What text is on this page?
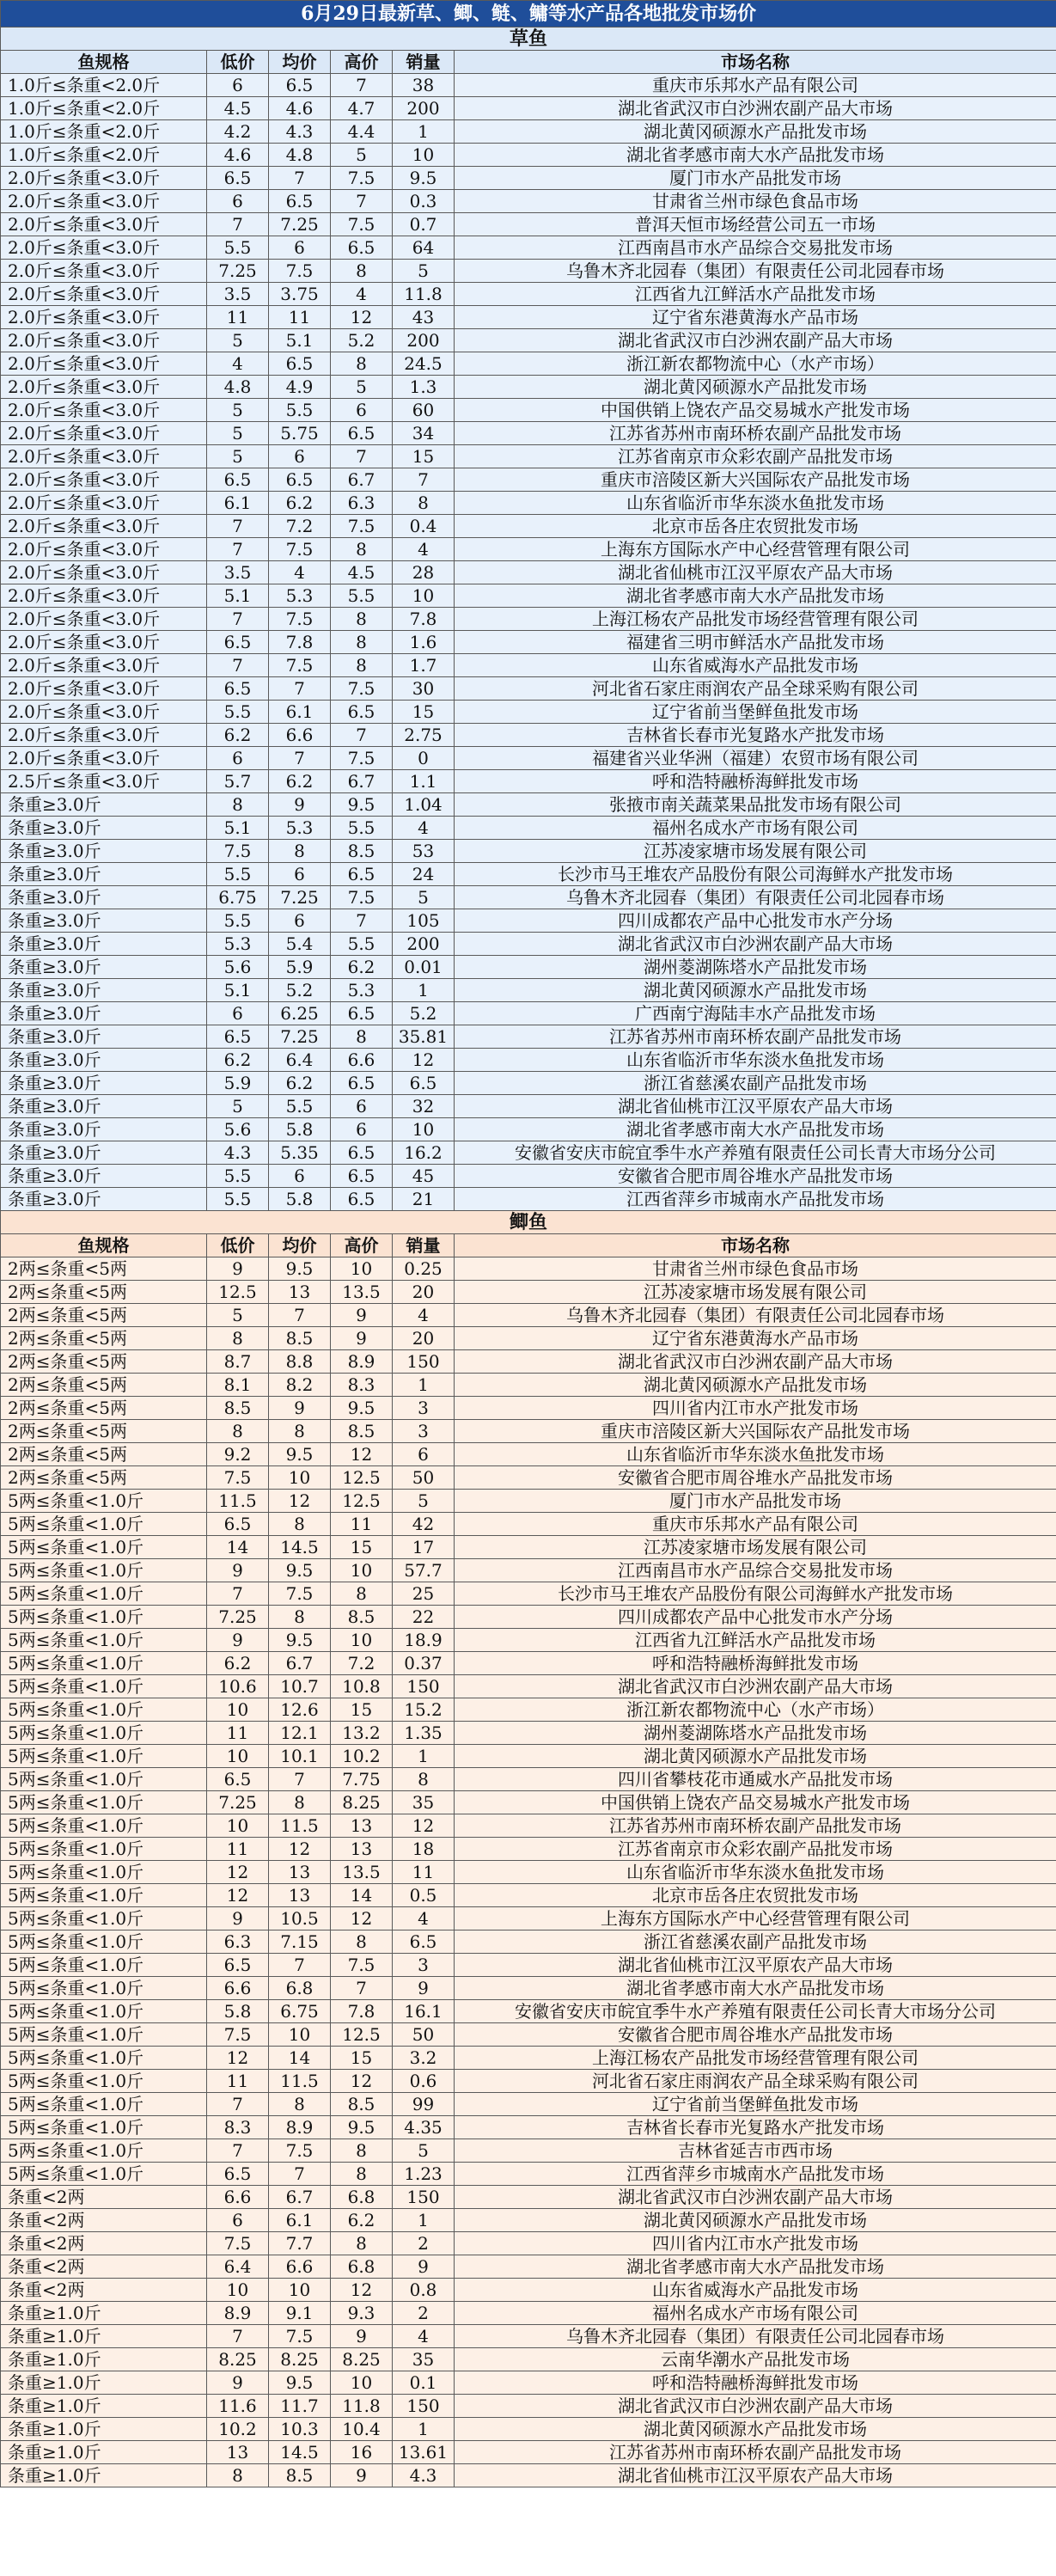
6月29日最新草、鲫、鲢、鳙等水产品各地批发市场价					
草鱼					
鱼规格	低价	均价	高价	销量	市场名称
1.0斤≤条重<2.0斤	6	6.5	7	38	重庆市乐邦水产品有限公司
1.0斤≤条重<2.0斤	4.5	4.6	4.7	200	湖北省武汉市白沙洲农副产品大市场
1.0斤≤条重<2.0斤	4.2	4.3	4.4	1	湖北黄冈硕源水产品批发市场
1.0斤≤条重<2.0斤	4.6	4.8	5	10	湖北省孝感市南大水产品批发市场
2.0斤≤条重<3.0斤	6.5	7	7.5	9.5	厦门市水产品批发市场
2.0斤≤条重<3.0斤	6	6.5	7	0.3	甘肃省兰州市绿色食品市场
2.0斤≤条重<3.0斤	7	7.25	7.5	0.7	普洱天恒市场经营公司五一市场
2.0斤≤条重<3.0斤	5.5	6	6.5	64	江西南昌市水产品综合交易批发市场
2.0斤≤条重<3.0斤	7.25	7.5	8	5	乌鲁木齐北园春（集团）有限责任公司北园春市场
2.0斤≤条重<3.0斤	3.5	3.75	4	11.8	江西省九江鲜活水产品批发市场
2.0斤≤条重<3.0斤	11	11	12	43	辽宁省东港黄海水产品市场
2.0斤≤条重<3.0斤	5	5.1	5.2	200	湖北省武汉市白沙洲农副产品大市场
2.0斤≤条重<3.0斤	4	6.5	8	24.5	浙江新农都物流中心（水产市场）
2.0斤≤条重<3.0斤	4.8	4.9	5	1.3	湖北黄冈硕源水产品批发市场
2.0斤≤条重<3.0斤	5	5.5	6	60	中国供销上饶农产品交易城水产批发市场
2.0斤≤条重<3.0斤	5	5.75	6.5	34	江苏省苏州市南环桥农副产品批发市场
2.0斤≤条重<3.0斤	5	6	7	15	江苏省南京市众彩农副产品批发市场
2.0斤≤条重<3.0斤	6.5	6.5	6.7	7	重庆市涪陵区新大兴国际农产品批发市场
2.0斤≤条重<3.0斤	6.1	6.2	6.3	8	山东省临沂市华东淡水鱼批发市场
2.0斤≤条重<3.0斤	7	7.2	7.5	0.4	北京市岳各庄农贸批发市场
2.0斤≤条重<3.0斤	7	7.5	8	4	上海东方国际水产中心经营管理有限公司
2.0斤≤条重<3.0斤	3.5	4	4.5	28	湖北省仙桃市江汉平原农产品大市场
2.0斤≤条重<3.0斤	5.1	5.3	5.5	10	湖北省孝感市南大水产品批发市场
2.0斤≤条重<3.0斤	7	7.5	8	7.8	上海江杨农产品批发市场经营管理有限公司
2.0斤≤条重<3.0斤	6.5	7.8	8	1.6	福建省三明市鲜活水产品批发市场
2.0斤≤条重<3.0斤	7	7.5	8	1.7	山东省威海水产品批发市场
2.0斤≤条重<3.0斤	6.5	7	7.5	30	河北省石家庄雨润农产品全球采购有限公司
2.0斤≤条重<3.0斤	5.5	6.1	6.5	15	辽宁省前当堡鲜鱼批发市场
2.0斤≤条重<3.0斤	6.2	6.6	7	2.75	吉林省长春市光复路水产批发市场
2.0斤≤条重<3.0斤	6	7	7.5	0	福建省兴业华洲（福建）农贸市场有限公司
2.5斤≤条重<3.0斤	5.7	6.2	6.7	1.1	呼和浩特融桥海鲜批发市场
条重≥3.0斤	8	9	9.5	1.04	张掖市南关蔬菜果品批发市场有限公司
条重≥3.0斤	5.1	5.3	5.5	4	福州名成水产市场有限公司
条重≥3.0斤	7.5	8	8.5	53	江苏凌家塘市场发展有限公司
条重≥3.0斤	5.5	6	6.5	24	长沙市马王堆农产品股份有限公司海鲜水产批发市场
条重≥3.0斤	6.75	7.25	7.5	5	乌鲁木齐北园春（集团）有限责任公司北园春市场
条重≥3.0斤	5.5	6	7	105	四川成都农产品中心批发市水产分场
条重≥3.0斤	5.3	5.4	5.5	200	湖北省武汉市白沙洲农副产品大市场
条重≥3.0斤	5.6	5.9	6.2	0.01	湖州菱湖陈塔水产品批发市场
条重≥3.0斤	5.1	5.2	5.3	1	湖北黄冈硕源水产品批发市场
条重≥3.0斤	6	6.25	6.5	5.2	广西南宁海陆丰水产品批发市场
条重≥3.0斤	6.5	7.25	8	35.81	江苏省苏州市南环桥农副产品批发市场
条重≥3.0斤	6.2	6.4	6.6	12	山东省临沂市华东淡水鱼批发市场
条重≥3.0斤	5.9	6.2	6.5	6.5	浙江省慈溪农副产品批发市场
条重≥3.0斤	5	5.5	6	32	湖北省仙桃市江汉平原农产品大市场
条重≥3.0斤	5.6	5.8	6	10	湖北省孝感市南大水产品批发市场
条重≥3.0斤	4.3	5.35	6.5	16.2	安徽省安庆市皖宜季牛水产养殖有限责任公司长青大市场分公司
条重≥3.0斤	5.5	6	6.5	45	安徽省合肥市周谷堆水产品批发市场
条重≥3.0斤	5.5	5.8	6.5	21	江西省萍乡市城南水产品批发市场
鲫鱼					
鱼规格	低价	均价	高价	销量	市场名称
2两≤条重<5两	9	9.5	10	0.25	甘肃省兰州市绿色食品市场
2两≤条重<5两	12.5	13	13.5	20	江苏凌家塘市场发展有限公司
2两≤条重<5两	5	7	9	4	乌鲁木齐北园春（集团）有限责任公司北园春市场
2两≤条重<5两	8	8.5	9	20	辽宁省东港黄海水产品市场
2两≤条重<5两	8.7	8.8	8.9	150	湖北省武汉市白沙洲农副产品大市场
2两≤条重<5两	8.1	8.2	8.3	1	湖北黄冈硕源水产品批发市场
2两≤条重<5两	8.5	9	9.5	3	四川省内江市水产批发市场
2两≤条重<5两	8	8	8.5	3	重庆市涪陵区新大兴国际农产品批发市场
2两≤条重<5两	9.2	9.5	12	6	山东省临沂市华东淡水鱼批发市场
2两≤条重<5两	7.5	10	12.5	50	安徽省合肥市周谷堆水产品批发市场
5两≤条重<1.0斤	11.5	12	12.5	5	厦门市水产品批发市场
5两≤条重<1.0斤	6.5	8	11	42	重庆市乐邦水产品有限公司
5两≤条重<1.0斤	14	14.5	15	17	江苏凌家塘市场发展有限公司
5两≤条重<1.0斤	9	9.5	10	57.7	江西南昌市水产品综合交易批发市场
5两≤条重<1.0斤	7	7.5	8	25	长沙市马王堆农产品股份有限公司海鲜水产批发市场
5两≤条重<1.0斤	7.25	8	8.5	22	四川成都农产品中心批发市水产分场
5两≤条重<1.0斤	9	9.5	10	18.9	江西省九江鲜活水产品批发市场
5两≤条重<1.0斤	6.2	6.7	7.2	0.37	呼和浩特融桥海鲜批发市场
5两≤条重<1.0斤	10.6	10.7	10.8	150	湖北省武汉市白沙洲农副产品大市场
5两≤条重<1.0斤	10	12.6	15	15.2	浙江新农都物流中心（水产市场）
5两≤条重<1.0斤	11	12.1	13.2	1.35	湖州菱湖陈塔水产品批发市场
5两≤条重<1.0斤	10	10.1	10.2	1	湖北黄冈硕源水产品批发市场
5两≤条重<1.0斤	6.5	7	7.75	8	四川省攀枝花市通威水产品批发市场
5两≤条重<1.0斤	7.25	8	8.25	35	中国供销上饶农产品交易城水产批发市场
5两≤条重<1.0斤	10	11.5	13	12	江苏省苏州市南环桥农副产品批发市场
5两≤条重<1.0斤	11	12	13	18	江苏省南京市众彩农副产品批发市场
5两≤条重<1.0斤	12	13	13.5	11	山东省临沂市华东淡水鱼批发市场
5两≤条重<1.0斤	12	13	14	0.5	北京市岳各庄农贸批发市场
5两≤条重<1.0斤	9	10.5	12	4	上海东方国际水产中心经营管理有限公司
5两≤条重<1.0斤	6.3	7.15	8	6.5	浙江省慈溪农副产品批发市场
5两≤条重<1.0斤	6.5	7	7.5	3	湖北省仙桃市江汉平原农产品大市场
5两≤条重<1.0斤	6.6	6.8	7	9	湖北省孝感市南大水产品批发市场
5两≤条重<1.0斤	5.8	6.75	7.8	16.1	安徽省安庆市皖宜季牛水产养殖有限责任公司长青大市场分公司
5两≤条重<1.0斤	7.5	10	12.5	50	安徽省合肥市周谷堆水产品批发市场
5两≤条重<1.0斤	12	14	15	3.2	上海江杨农产品批发市场经营管理有限公司
5两≤条重<1.0斤	11	11.5	12	0.6	河北省石家庄雨润农产品全球采购有限公司
5两≤条重<1.0斤	7	8	8.5	99	辽宁省前当堡鲜鱼批发市场
5两≤条重<1.0斤	8.3	8.9	9.5	4.35	吉林省长春市光复路水产批发市场
5两≤条重<1.0斤	7	7.5	8	5	吉林省延吉市西市场
5两≤条重<1.0斤	6.5	7	8	1.23	江西省萍乡市城南水产品批发市场
条重<2两	6.6	6.7	6.8	150	湖北省武汉市白沙洲农副产品大市场
条重<2两	6	6.1	6.2	1	湖北黄冈硕源水产品批发市场
条重<2两	7.5	7.7	8	2	四川省内江市水产批发市场
条重<2两	6.4	6.6	6.8	9	湖北省孝感市南大水产品批发市场
条重<2两	10	10	12	0.8	山东省威海水产品批发市场
条重≥1.0斤	8.9	9.1	9.3	2	福州名成水产市场有限公司
条重≥1.0斤	7	7.5	9	4	乌鲁木齐北园春（集团）有限责任公司北园春市场
条重≥1.0斤	8.25	8.25	8.25	35	云南华潮水产品批发市场
条重≥1.0斤	9	9.5	10	0.1	呼和浩特融桥海鲜批发市场
条重≥1.0斤	11.6	11.7	11.8	150	湖北省武汉市白沙洲农副产品大市场
条重≥1.0斤	10.2	10.3	10.4	1	湖北黄冈硕源水产品批发市场
条重≥1.0斤	13	14.5	16	13.61	江苏省苏州市南环桥农副产品批发市场
条重≥1.0斤	8	8.5	9	4.3	湖北省仙桃市江汉平原农产品大市场
